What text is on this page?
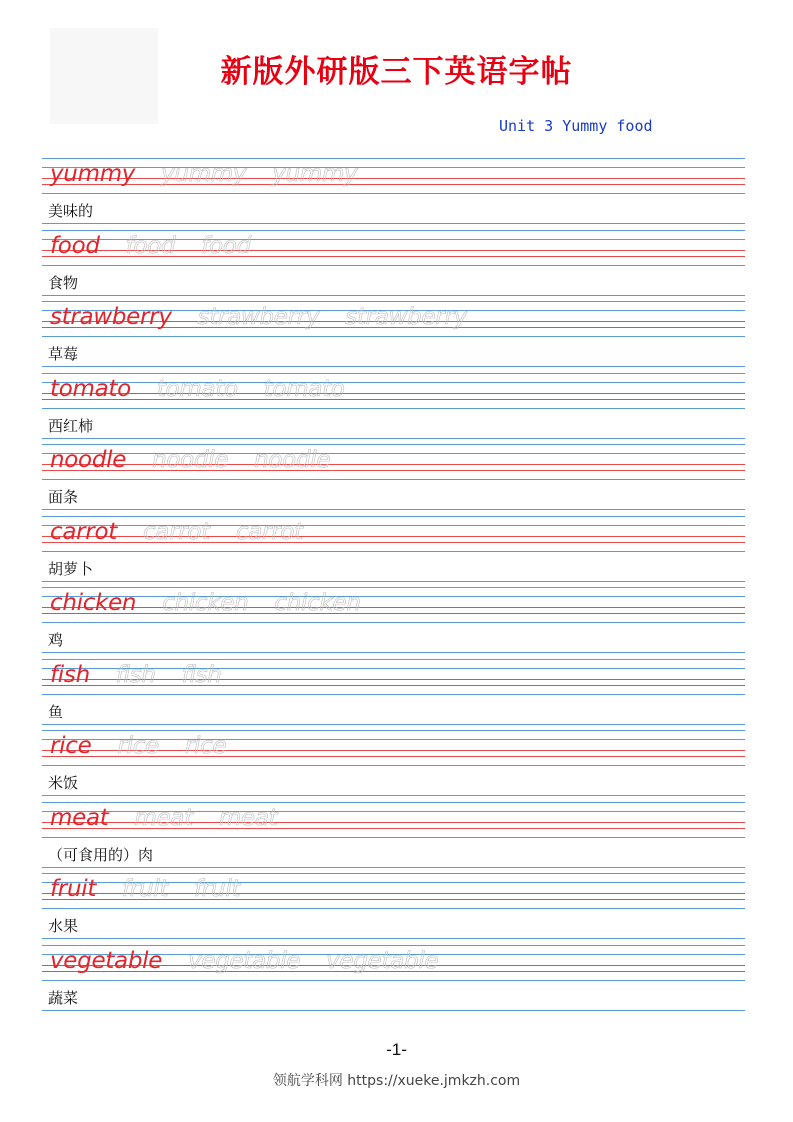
新版外研版三下英语字帖
Unit 3 Yummy food
yummy yummy yummy
美味的
food food food
食物
strawberry strawberry strawberry
草莓
tomato tomato tomato
西红柿
noodle noodle noodle
面条
carrot carrot carrot
胡萝卜
chicken chicken chicken
鸡
fish fish fish
鱼
rice rice rice
米饭
meat meat meat
（可食用的）肉
fruit fruit fruit
水果
vegetable vegetable vegetable
蔬菜
-1-
领航学科网 https://xueke.jmkzh.com
